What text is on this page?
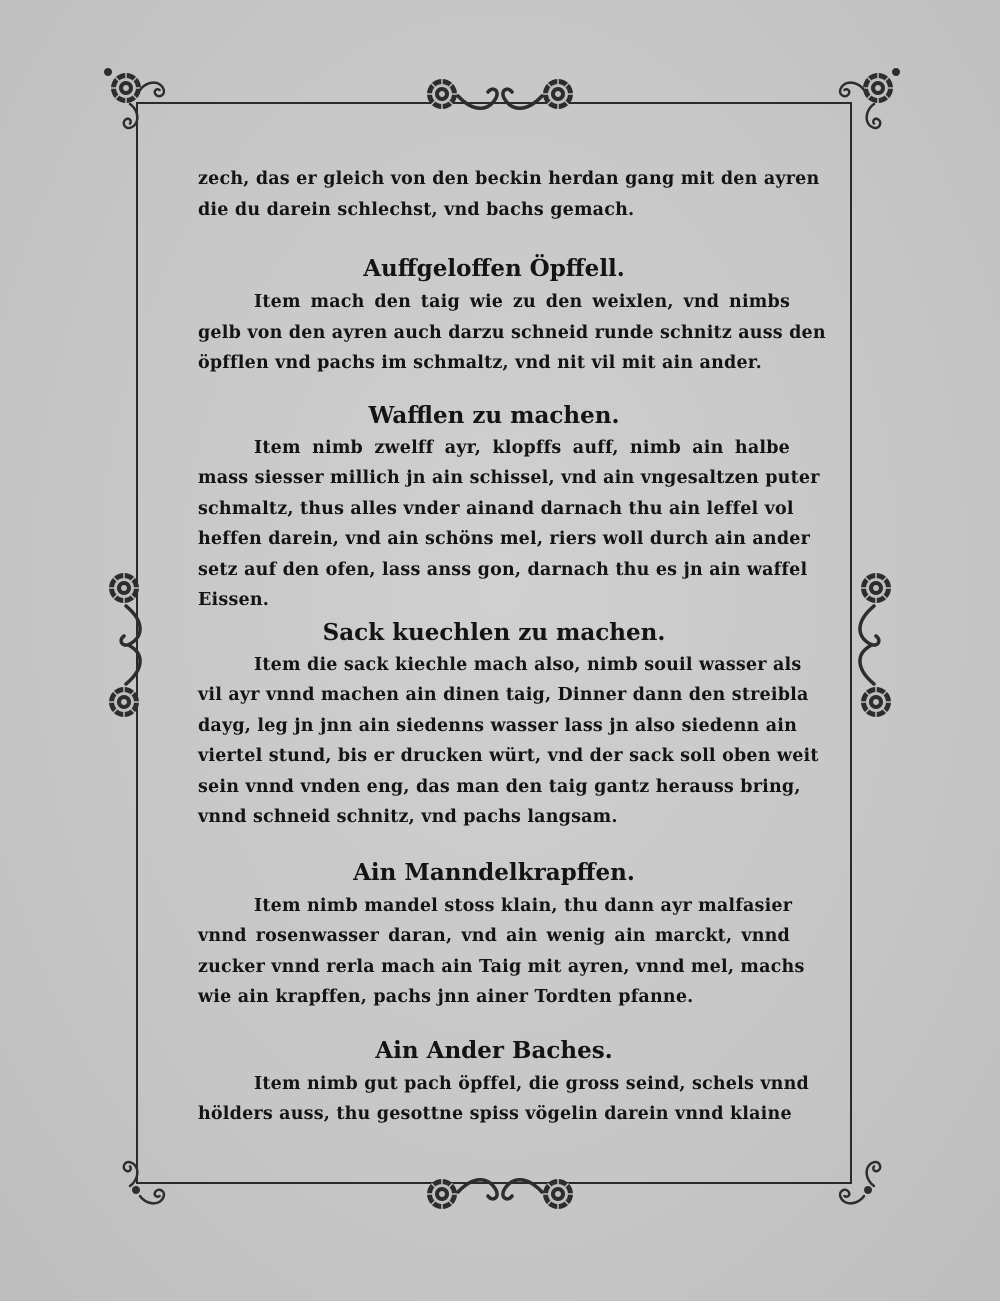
zech, das er gleich von den beckin herdan gang mit den ayren
die du darein schlechst, vnd bachs gemach.
Auffgeloffen Öpffell.
Item mach den taig wie zu den weixlen, vnd nimbs
gelb von den ayren auch darzu schneid runde schnitz auss den
öpfflen vnd pachs im schmaltz, vnd nit vil mit ain ander.
Wafflen zu machen.
Item nimb zwelff ayr, klopffs auff, nimb ain halbe
mass siesser millich jn ain schissel, vnd ain vngesaltzen puter
schmaltz, thus alles vnder ainand darnach thu ain leffel vol
heffen darein, vnd ain schöns mel, riers woll durch ain ander
setz auf den ofen, lass anss gon, darnach thu es jn ain waffel
Eissen.
Sack kuechlen zu machen.
Item die sack kiechle mach also, nimb souil wasser als
vil ayr vnnd machen ain dinen taig, Dinner dann den streibla
dayg, leg jn jnn ain siedenns wasser lass jn also siedenn ain
viertel stund, bis er drucken würt, vnd der sack soll oben weit
sein vnnd vnden eng, das man den taig gantz herauss bring,
vnnd schneid schnitz, vnd pachs langsam.
Ain Manndelkrapffen.
Item nimb mandel stoss klain, thu dann ayr malfasier
vnnd rosenwasser daran, vnd ain wenig ain marckt, vnnd
zucker vnnd rerla mach ain Taig mit ayren, vnnd mel, machs
wie ain krapffen, pachs jnn ainer Tordten pfanne.
Ain Ander Baches.
Item nimb gut pach öpffel, die gross seind, schels vnnd
hölders auss, thu gesottne spiss vögelin darein vnnd klaine
